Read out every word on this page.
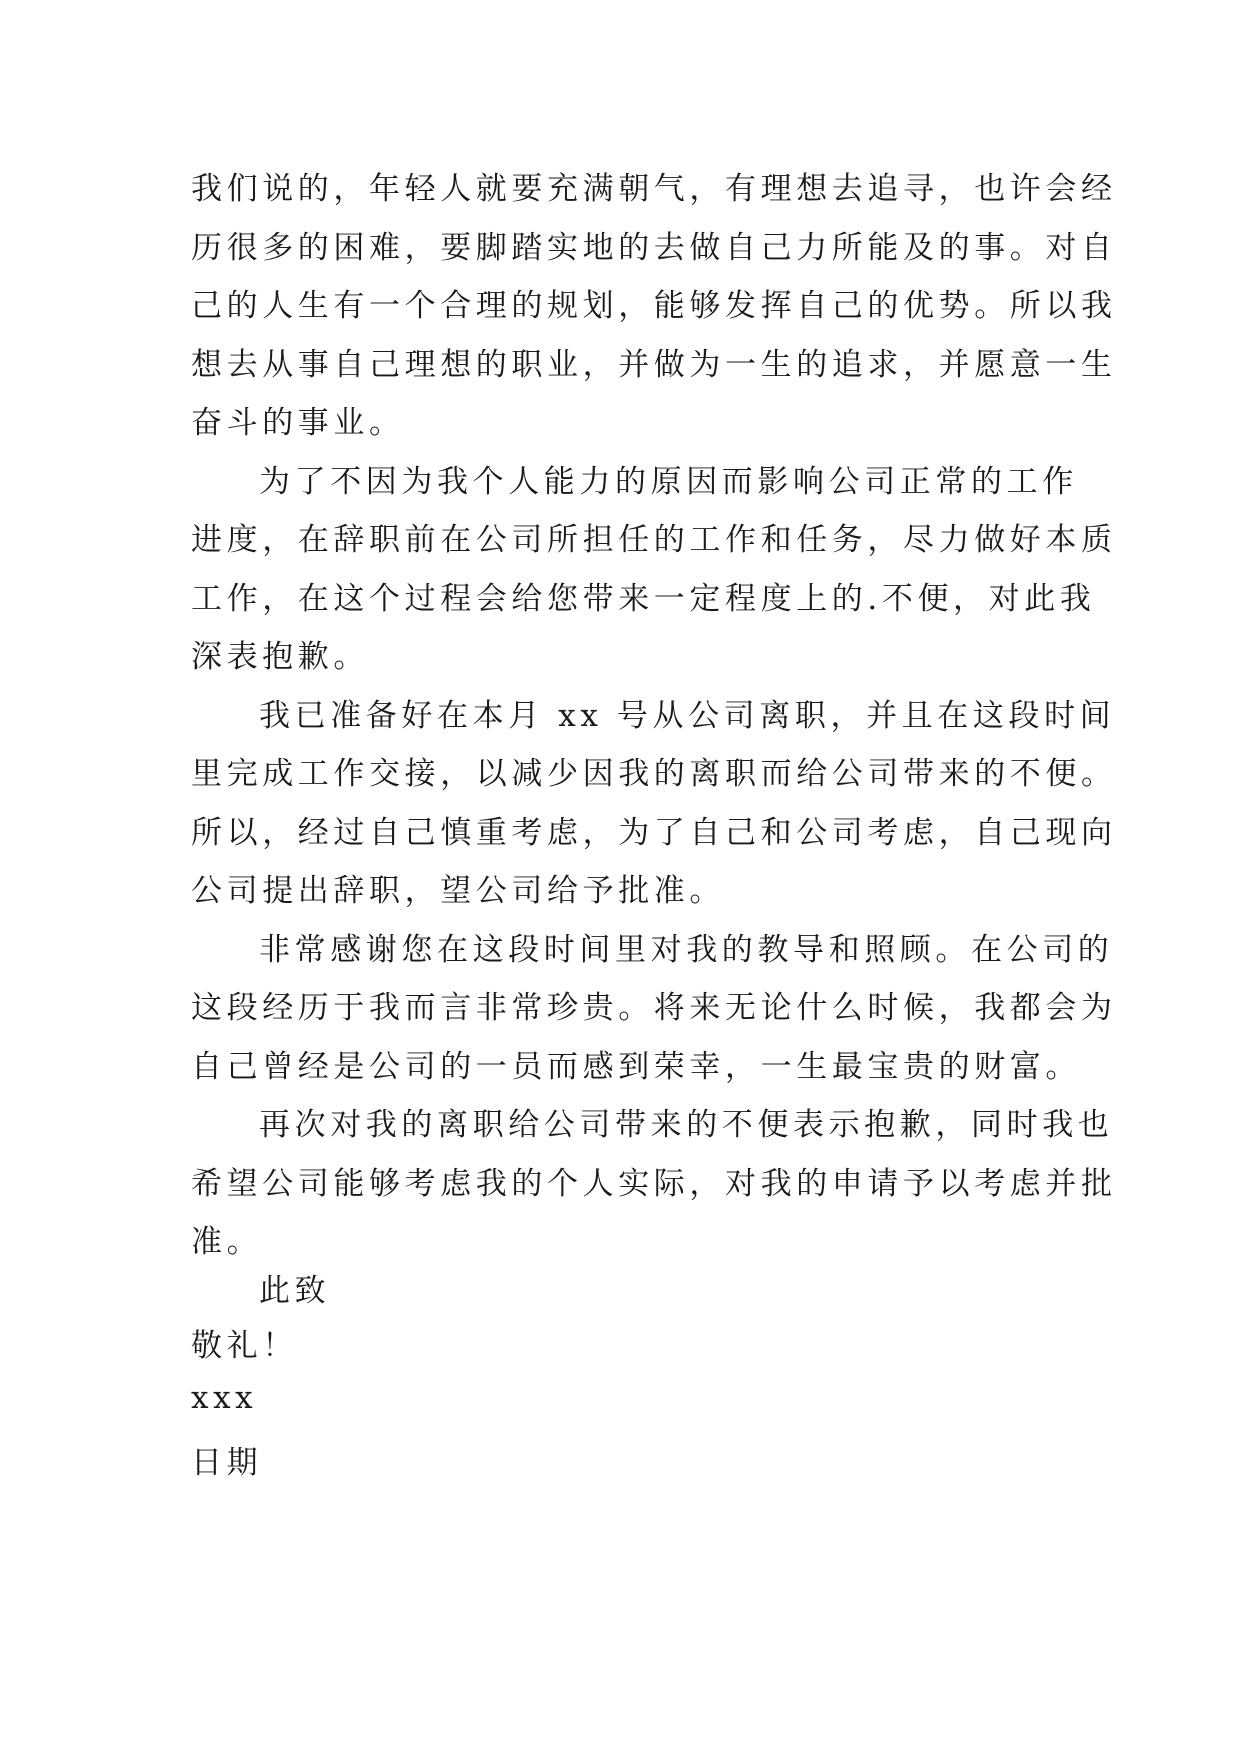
我们说的，年轻人就要充满朝气，有理想去追寻，也许会经
历很多的困难，要脚踏实地的去做自己力所能及的事。对自
己的人生有一个合理的规划，能够发挥自己的优势。所以我
想去从事自己理想的职业，并做为一生的追求，并愿意一生
奋斗的事业。
为了不因为我个人能力的原因而影响公司正常的工作
进度，在辞职前在公司所担任的工作和任务，尽力做好本质
工作，在这个过程会给您带来一定程度上的.不便，对此我
深表抱歉。
我已准备好在本月 xx 号从公司离职，并且在这段时间
里完成工作交接，以减少因我的离职而给公司带来的不便。
所以，经过自己慎重考虑，为了自己和公司考虑，自己现向
公司提出辞职，望公司给予批准。
非常感谢您在这段时间里对我的教导和照顾。在公司的
这段经历于我而言非常珍贵。将来无论什么时候，我都会为
自己曾经是公司的一员而感到荣幸，一生最宝贵的财富。
再次对我的离职给公司带来的不便表示抱歉，同时我也
希望公司能够考虑我的个人实际，对我的申请予以考虑并批
准。
此致
敬礼！
xxx
日期
